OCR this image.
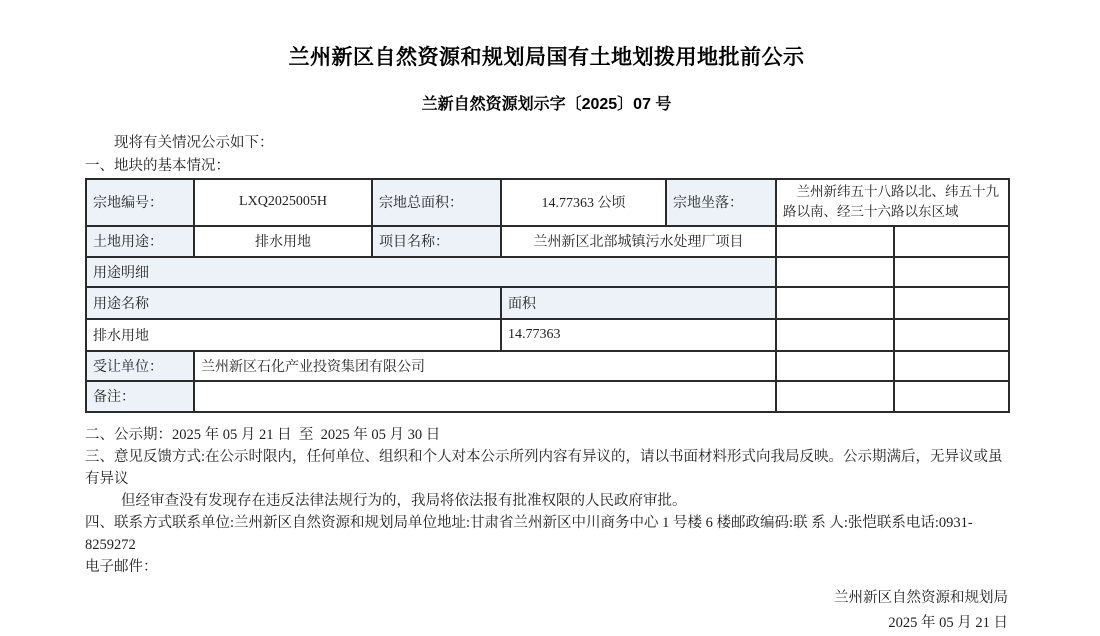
兰州新区自然资源和规划局国有土地划拨用地批前公示
兰新自然资源划示字〔2025〕07 号

现将有关情况公示如下：

一、地块的基本情况：

宗地编号：	LXQ2025005H	宗地总面积：	14.77363 公顷	宗地坐落：	兰州新纬五十八路以北、纬五十九路以南、经三十六路以东区域	
土地用途：	排水用地	项目名称：	兰州新区北部城镇污水处理厂项目			
用途明细						
用途名称			面积			
排水用地			14.77363			
受让单位：	兰州新区石化产业投资集团有限公司					
备注：						

二、公示期：2025 年 05 月 21 日  至  2025 年 05 月 30 日

三、意见反馈方式:在公示时限内，任何单位、组织和个人对本公示所列内容有异议的，请以书面材料形式向我局反映。公示期满后，无异议或虽有异议

但经审查没有发现存在违反法律法规行为的，我局将依法报有批准权限的人民政府审批。

四、联系方式联系单位:兰州新区自然资源和规划局单位地址:甘肃省兰州新区中川商务中心 1 号楼 6 楼邮政编码:联 系 人:张恺联系电话:0931-8259272

电子邮件：

兰州新区自然资源和规划局

2025 年 05 月 21 日
